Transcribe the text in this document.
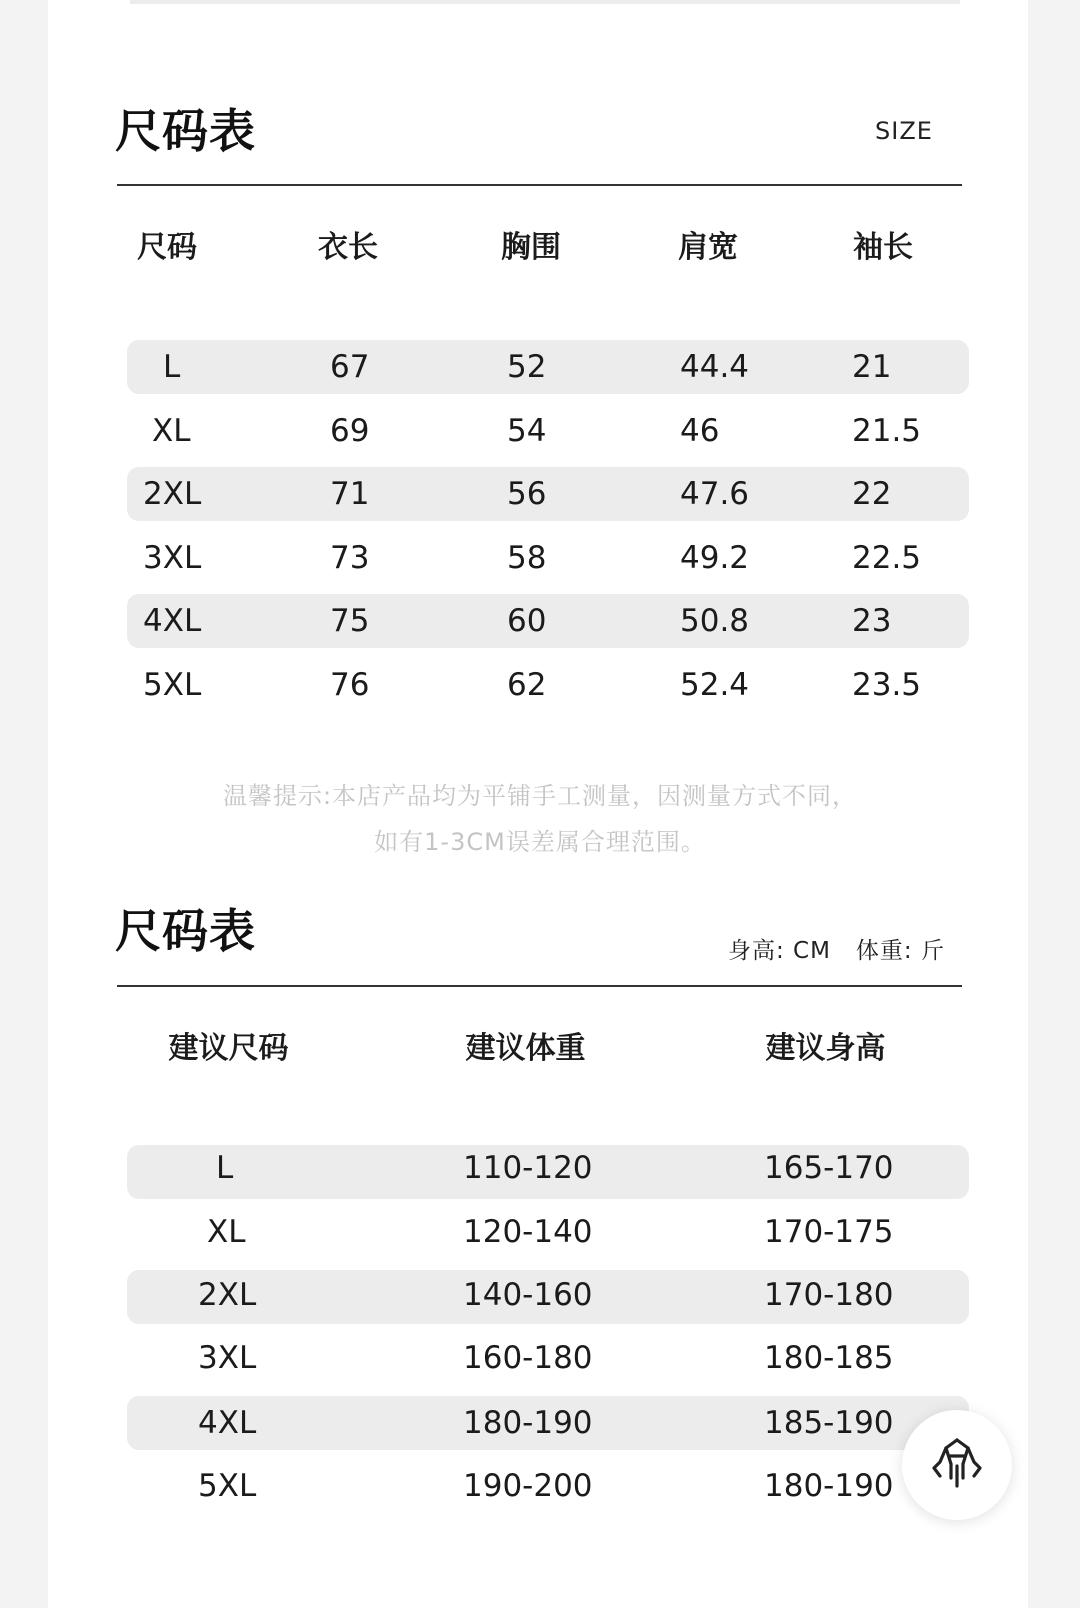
尺码表	SIZE
尺码	衣长	胸围	肩宽	袖长
L	67	52	44.4	21
XL	69	54	46	21.5
2XL	71	56	47.6	22
3XL	73	58	49.2	22.5
4XL	75	60	50.8	23
5XL	76	62	52.4	23.5
温馨提示:本店产品均为平铺手工测量，因测量方式不同，
如有1-3CM误差属合理范围。
尺码表	身高: CM   体重: 斤
建议尺码	建议体重	建议身高
L	110-120	165-170
XL	120-140	170-175
2XL	140-160	170-180
3XL	160-180	180-185
4XL	180-190	185-190
5XL	190-200	180-190
